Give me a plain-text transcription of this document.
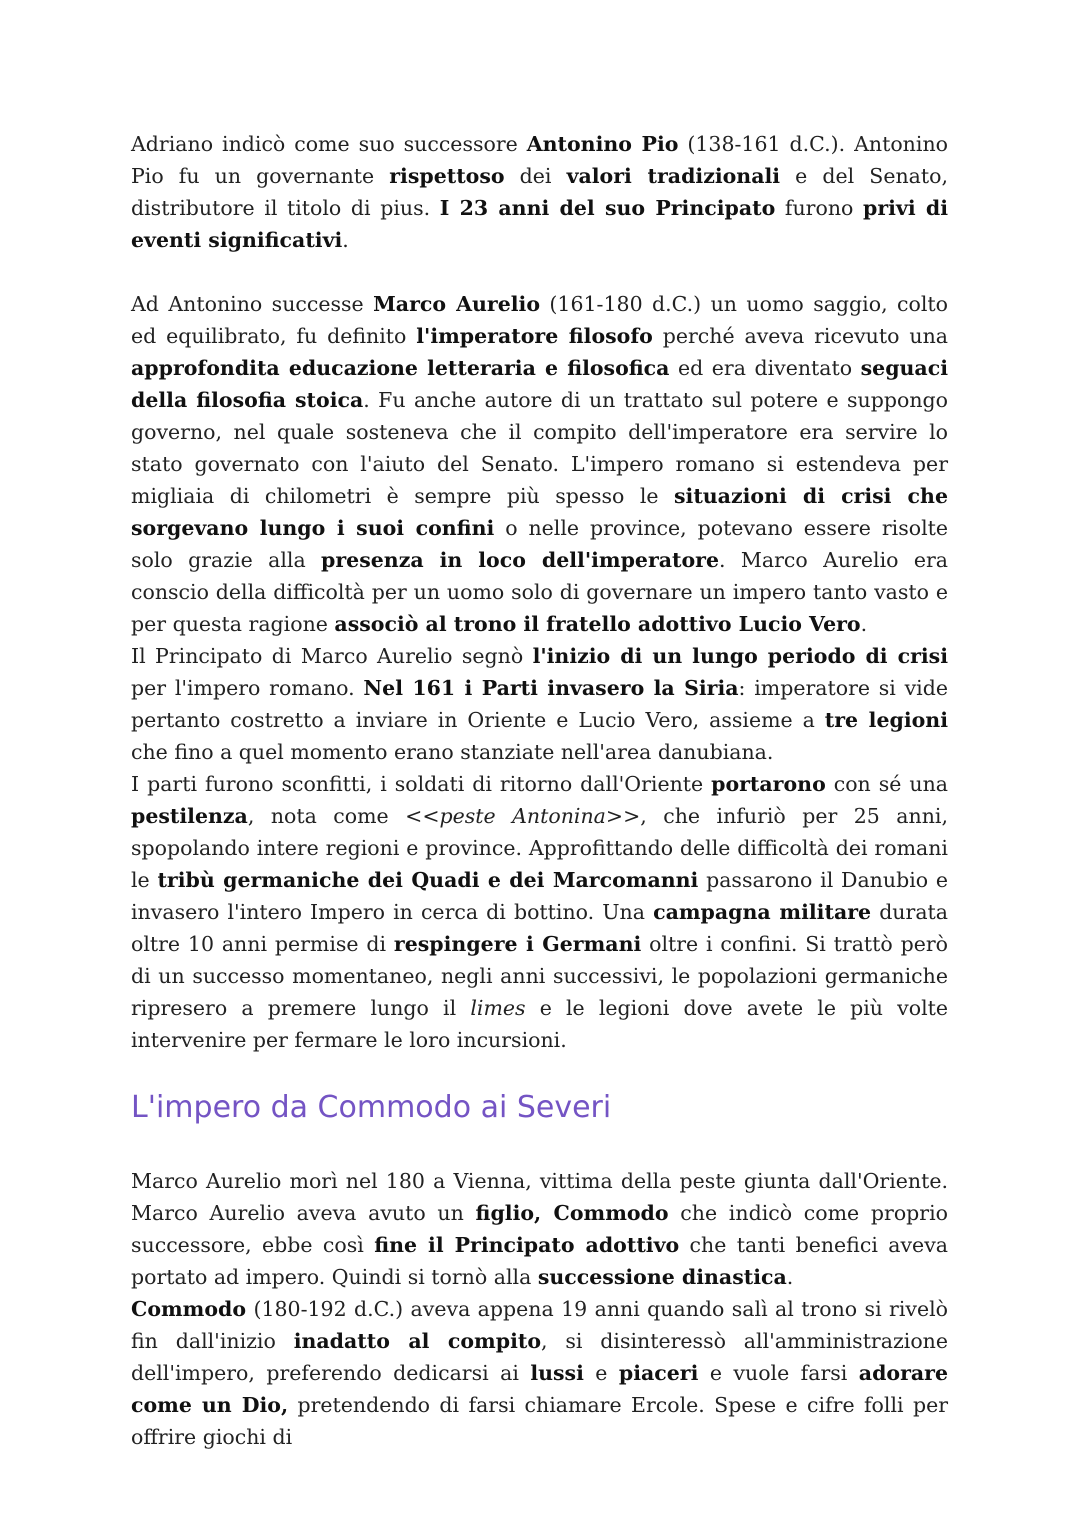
Adriano indicò come suo successore Antonino Pio (138-161 d.C.). Antonino Pio fu un governante rispettoso dei valori tradizionali e del Senato, distributore il titolo di pius. I 23 anni del suo Principato furono privi di eventi significativi.

Ad Antonino successe Marco Aurelio (161-180 d.C.) un uomo saggio, colto ed equilibrato, fu definito l'imperatore filosofo perché aveva ricevuto una approfondita educazione letteraria e filosofica ed era diventato seguaci della filosofia stoica. Fu anche autore di un trattato sul potere e suppongo governo, nel quale sosteneva che il compito dell'imperatore era servire lo stato governato con l'aiuto del Senato. L'impero romano si estendeva per migliaia di chilometri è sempre più spesso le situazioni di crisi che sorgevano lungo i suoi confini o nelle province, potevano essere risolte solo grazie alla presenza in loco dell'imperatore. Marco Aurelio era conscio della difficoltà per un uomo solo di governare un impero tanto vasto e per questa ragione associò al trono il fratello adottivo Lucio Vero.

Il Principato di Marco Aurelio segnò l'inizio di un lungo periodo di crisi per l'impero romano. Nel 161 i Parti invasero la Siria: imperatore si vide pertanto costretto a inviare in Oriente e Lucio Vero, assieme a tre legioni che fino a quel momento erano stanziate nell'area danubiana.

I parti furono sconfitti, i soldati di ritorno dall'Oriente portarono con sé una pestilenza, nota come <<peste Antonina>>, che infuriò per 25 anni, spopolando intere regioni e province. Approfittando delle difficoltà dei romani le tribù germaniche dei Quadi e dei Marcomanni passarono il Danubio e invasero l'intero Impero in cerca di bottino. Una campagna militare durata oltre 10 anni permise di respingere i Germani oltre i confini. Si trattò però di un successo momentaneo, negli anni successivi, le popolazioni germaniche ripresero a premere lungo il limes e le legioni dove avete le più volte intervenire per fermare le loro incursioni.

L'impero da Commodo ai Severi

Marco Aurelio morì nel 180 a Vienna, vittima della peste giunta dall'Oriente. Marco Aurelio aveva avuto un figlio, Commodo che indicò come proprio successore, ebbe così fine il Principato adottivo che tanti benefici aveva portato ad impero. Quindi si tornò alla successione dinastica.

Commodo (180-192 d.C.) aveva appena 19 anni quando salì al trono si rivelò fin dall'inizio inadatto al compito, si disinteressò all'amministrazione dell'impero, preferendo dedicarsi ai lussi e piaceri e vuole farsi adorare come un Dio, pretendendo di farsi chiamare Ercole. Spese e cifre folli per offrire giochi di
